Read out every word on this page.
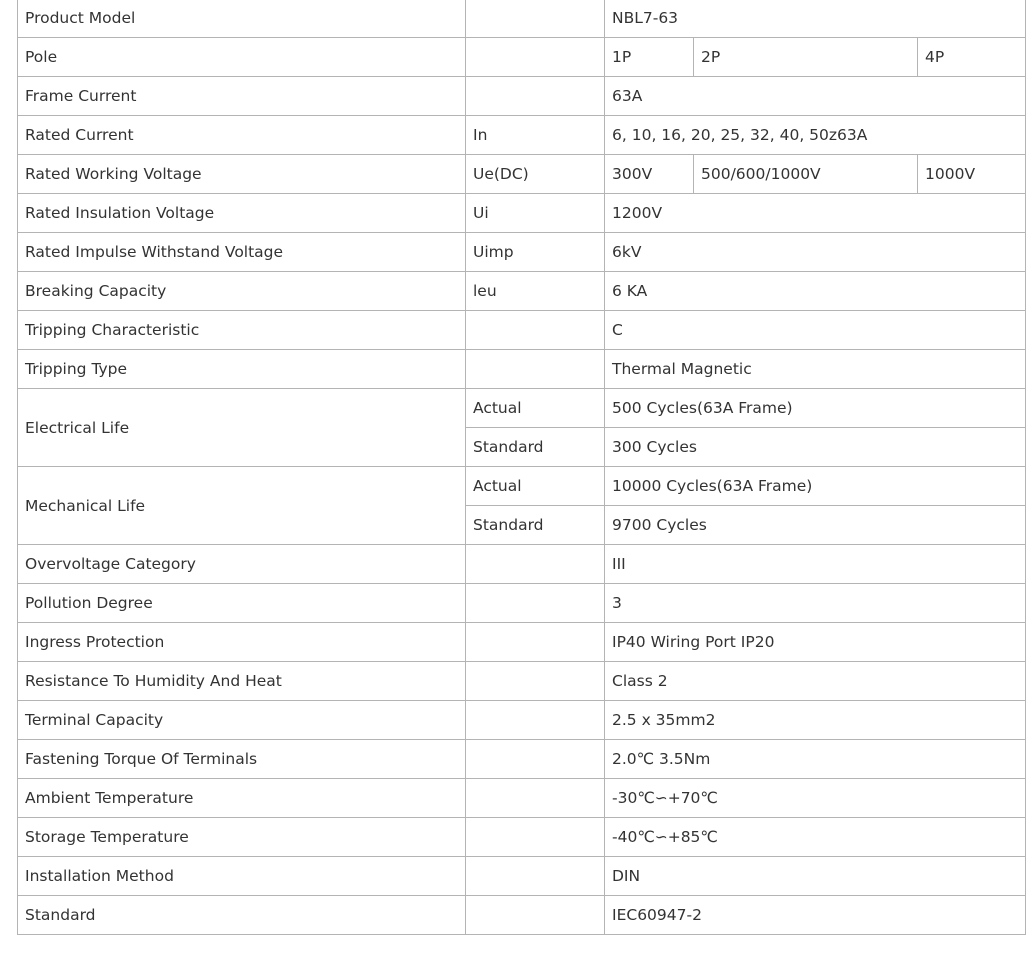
Product Model		NBL7-63		
Pole		1P	2P	4P
Frame Current		63A		
Rated Current	In	6, 10, 16, 20, 25, 32, 40, 50z63A		
Rated Working Voltage	Ue(DC)	300V	500/600/1000V	1000V
Rated Insulation Voltage	Ui	1200V		
Rated Impulse Withstand Voltage	Uimp	6kV		
Breaking Capacity	leu	6 KA		
Tripping Characteristic		C		
Tripping Type		Thermal Magnetic		
Electrical Life	Actual	500 Cycles(63A Frame)		
	Standard	300 Cycles		
Mechanical Life	Actual	10000 Cycles(63A Frame)		
	Standard	9700 Cycles		
Overvoltage Category		III		
Pollution Degree		3		
Ingress Protection		IP40 Wiring Port IP20		
Resistance To Humidity And Heat		Class 2		
Terminal Capacity		2.5 x 35mm2		
Fastening Torque Of Terminals		2.0℃ 3.5Nm		
Ambient Temperature		-30℃∽+70℃		
Storage Temperature		-40℃∽+85℃		
Installation Method		DIN		
Standard		IEC60947-2		
